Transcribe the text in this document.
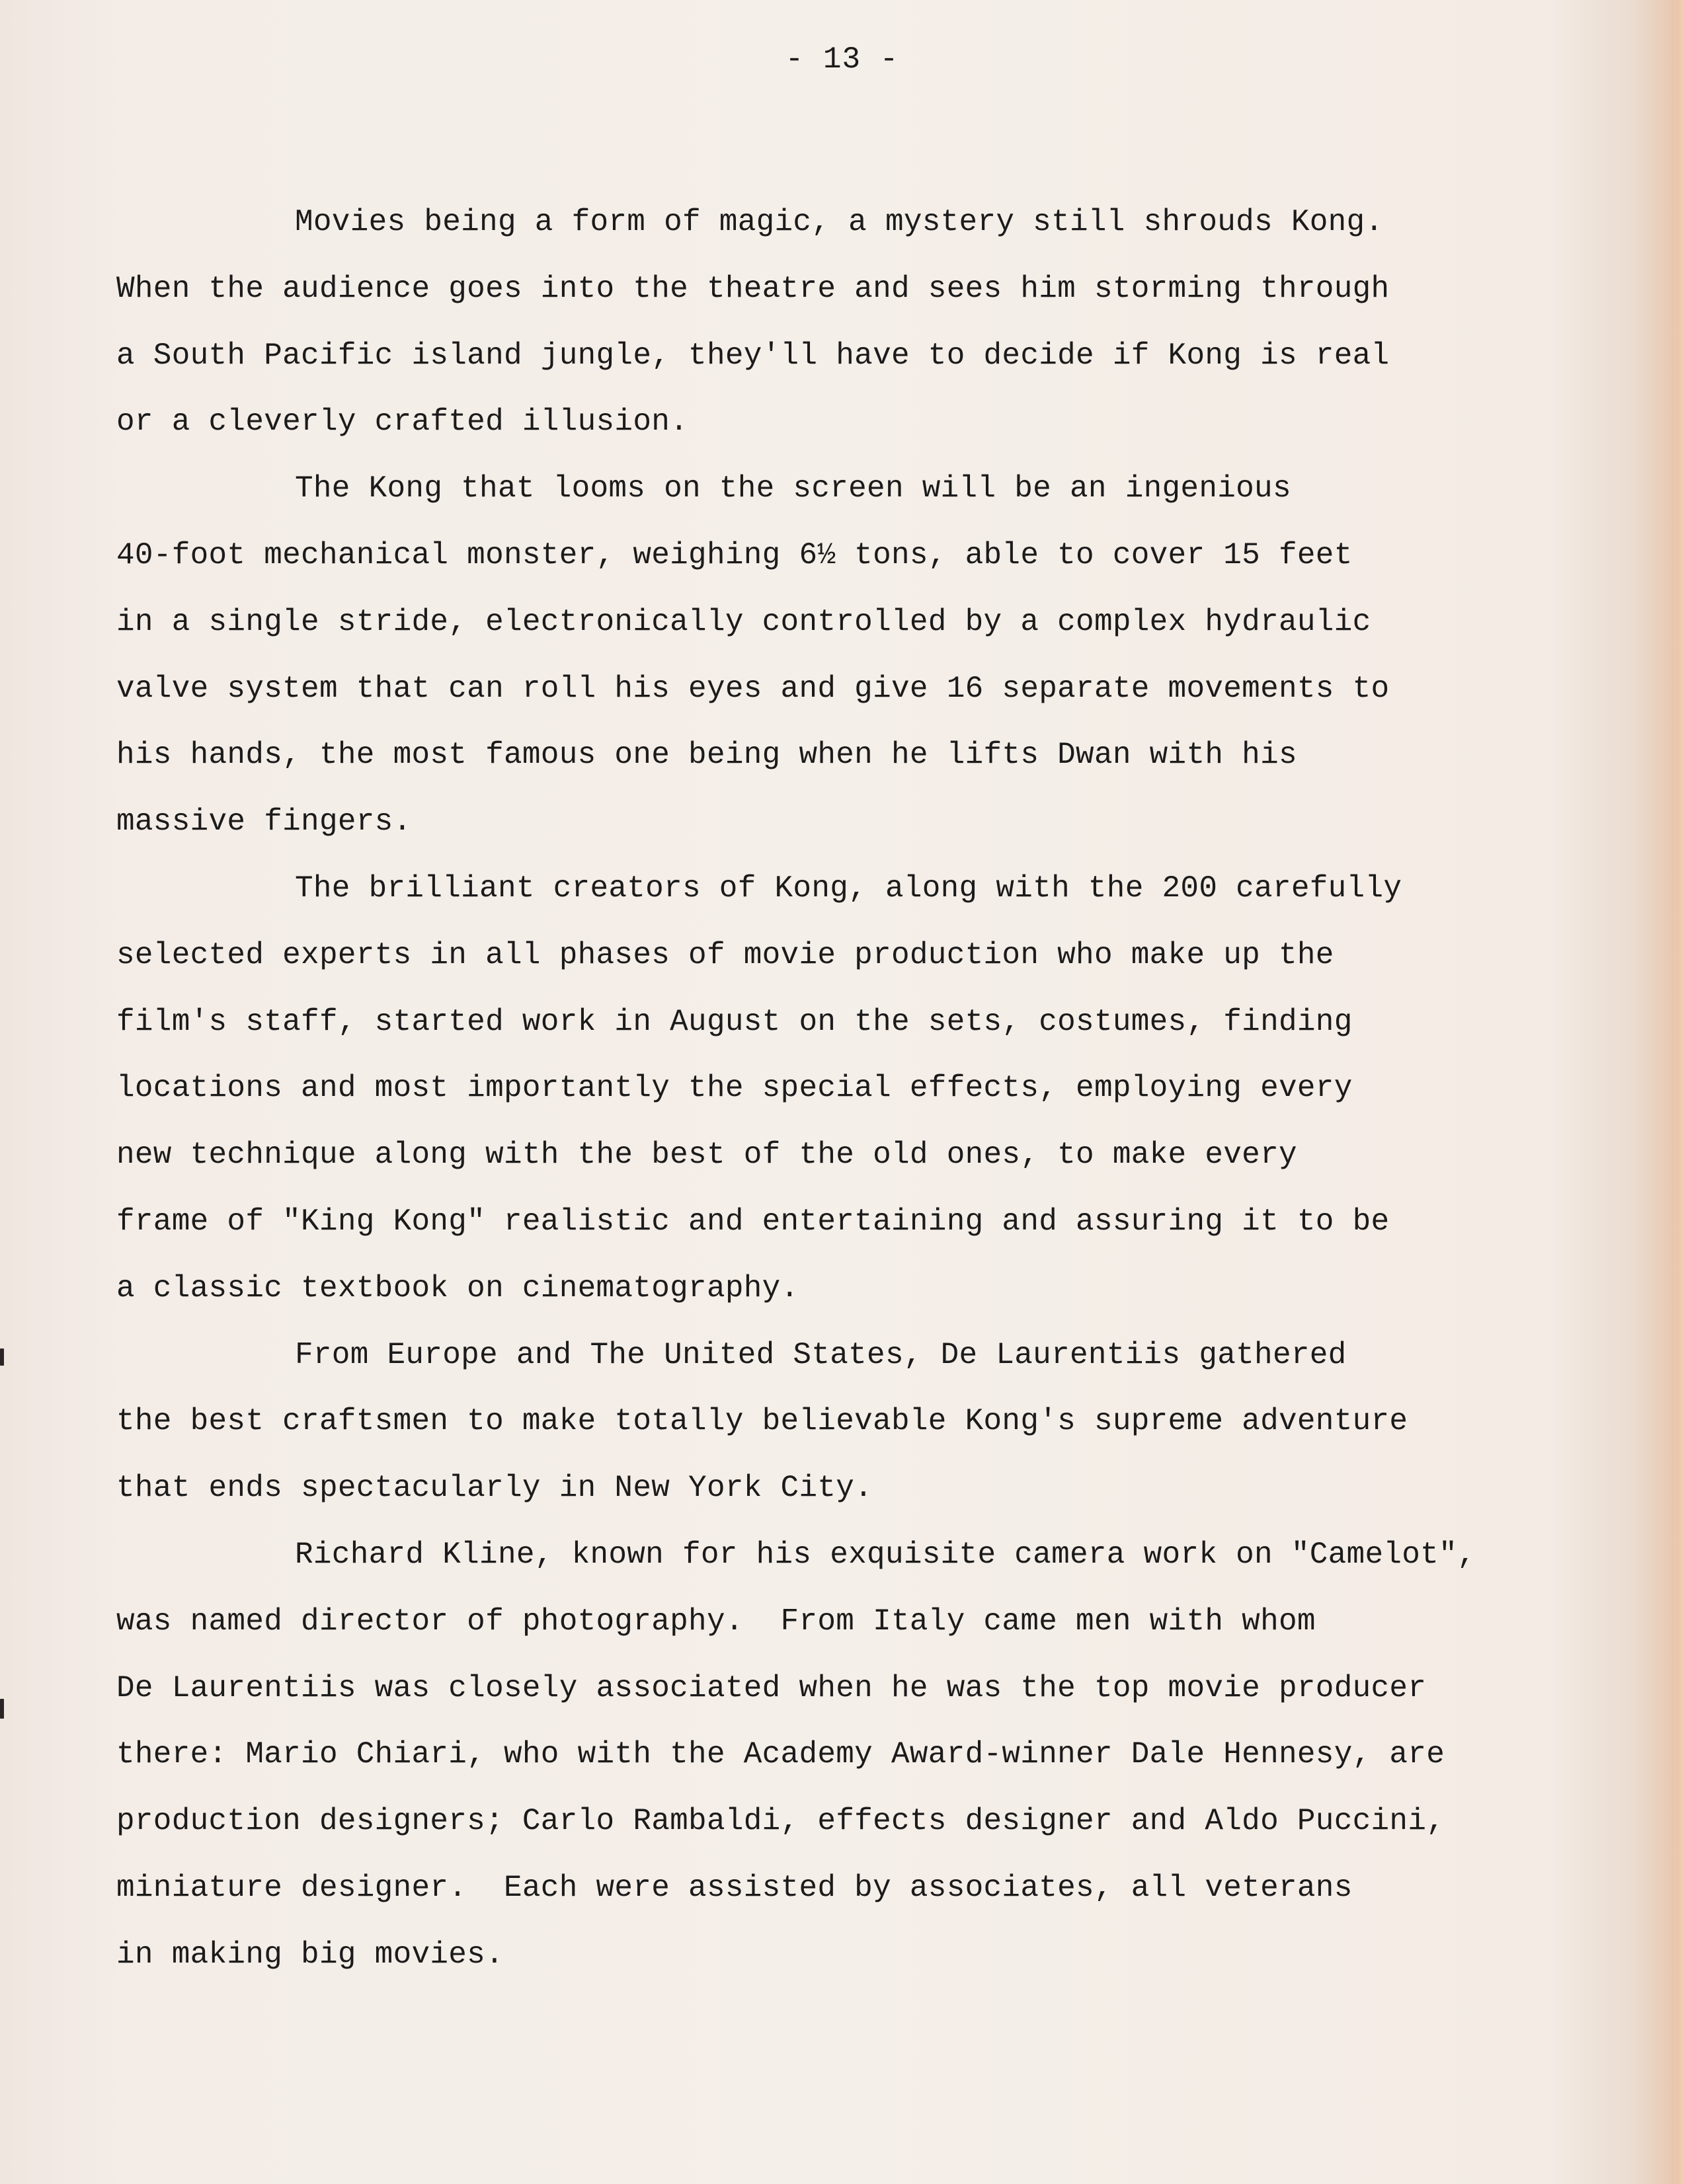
- 13 -
Movies being a form of magic, a mystery still shrouds Kong.
When the audience goes into the theatre and sees him storming through
a South Pacific island jungle, they'll have to decide if Kong is real
or a cleverly crafted illusion.
The Kong that looms on the screen will be an ingenious
40-foot mechanical monster, weighing 6½ tons, able to cover 15 feet
in a single stride, electronically controlled by a complex hydraulic
valve system that can roll his eyes and give 16 separate movements to
his hands, the most famous one being when he lifts Dwan with his
massive fingers.
The brilliant creators of Kong, along with the 200 carefully
selected experts in all phases of movie production who make up the
film's staff, started work in August on the sets, costumes, finding
locations and most importantly the special effects, employing every
new technique along with the best of the old ones, to make every
frame of "King Kong" realistic and entertaining and assuring it to be
a classic textbook on cinematography.
From Europe and The United States, De Laurentiis gathered
the best craftsmen to make totally believable Kong's supreme adventure
that ends spectacularly in New York City.
Richard Kline, known for his exquisite camera work on "Camelot",
was named director of photography.  From Italy came men with whom
De Laurentiis was closely associated when he was the top movie producer
there: Mario Chiari, who with the Academy Award-winner Dale Hennesy, are
production designers; Carlo Rambaldi, effects designer and Aldo Puccini,
miniature designer.  Each were assisted by associates, all veterans
in making big movies.
